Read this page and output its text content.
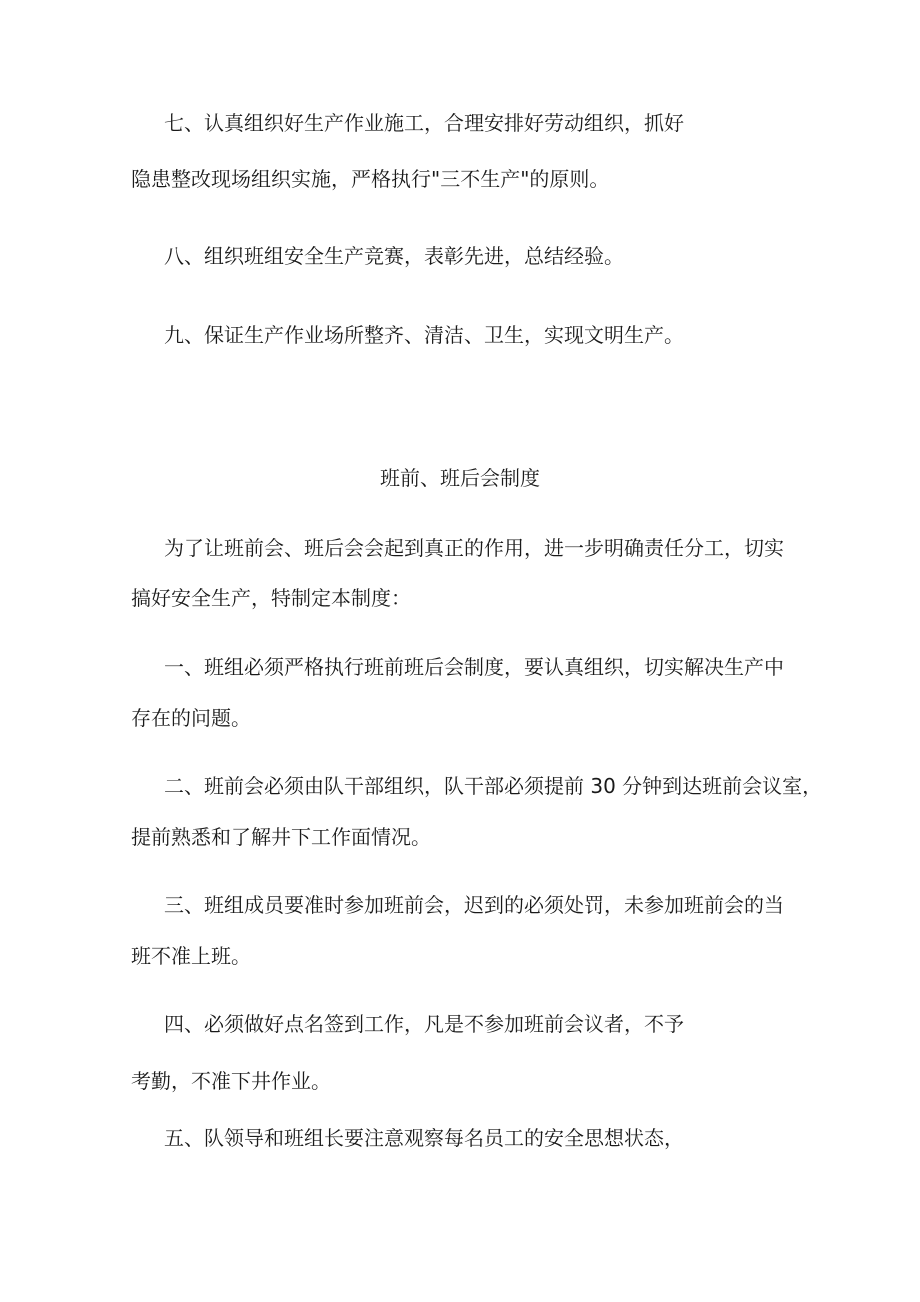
七、认真组织好生产作业施工，合理安排好劳动组织，抓好
隐患整改现场组织实施，严格执行"三不生产"的原则。
八、组织班组安全生产竞赛，表彰先进，总结经验。
九、保证生产作业场所整齐、清洁、卫生，实现文明生产。
班前、班后会制度
为了让班前会、班后会会起到真正的作用，进一步明确责任分工，切实
搞好安全生产，特制定本制度：
一、班组必须严格执行班前班后会制度，要认真组织，切实解决生产中
存在的问题。
二、班前会必须由队干部组织，队干部必须提前 30 分钟到达班前会议室，
提前熟悉和了解井下工作面情况。
三、班组成员要准时参加班前会，迟到的必须处罚，未参加班前会的当
班不准上班。
四、必须做好点名签到工作，凡是不参加班前会议者，不予
考勤，不准下井作业。
五、队领导和班组长要注意观察每名员工的安全思想状态，
